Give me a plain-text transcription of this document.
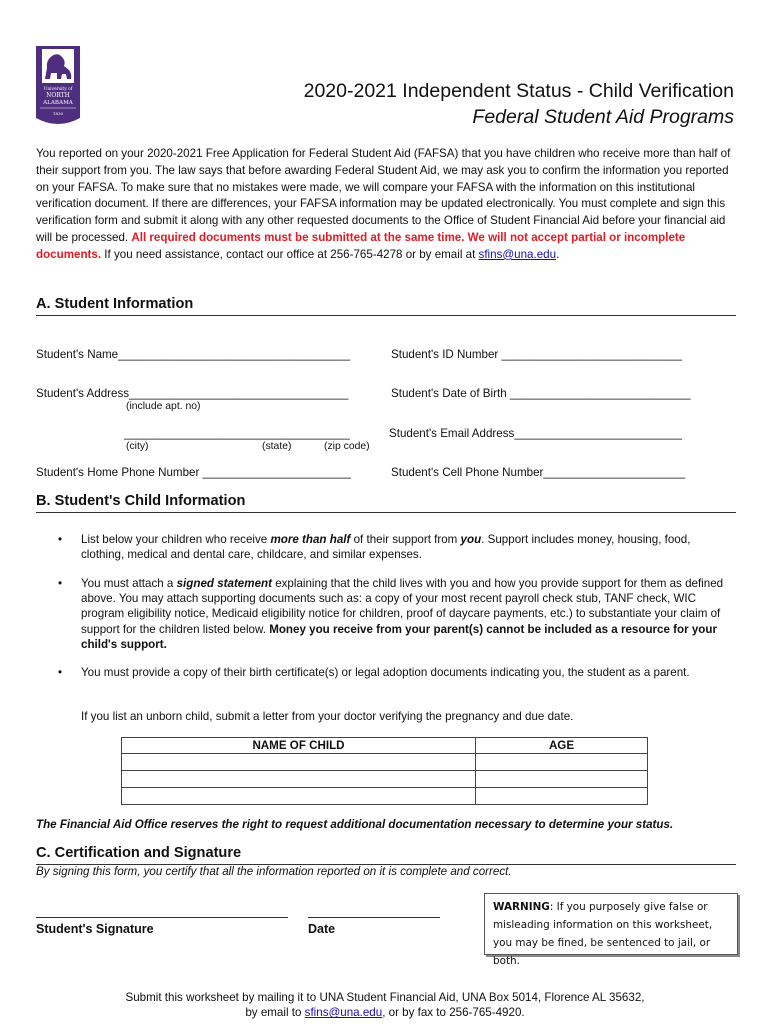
University of
NORTH
ALABAMA
1830
2020-2021 Independent Status - Child Verification
Federal Student Aid Programs
You reported on your 2020-2021 Free Application for Federal Student Aid (FAFSA) that you have children who receive more than half of their support from you. The law says that before awarding Federal Student Aid, we may ask you to confirm the information you reported on your FAFSA. To make sure that no mistakes were made, we will compare your FAFSA with the information on this institutional verification document. If there are differences, your FAFSA information may be updated electronically. You must complete and sign this verification form and submit it along with any other requested documents to the Office of Student Financial Aid before your financial aid will be processed. All required documents must be submitted at the same time. We will not accept partial or incomplete documents. If you need assistance, contact our office at 256-765-4278 or by email at sfins@una.edu.
A. Student Information
Student's Name____________________________________	Student's ID Number ____________________________
Student's Address__________________________________
(include apt. no)
Student's Date of Birth ____________________________
___________________________________
(city)	(state)	(zip code)
Student's Email Address__________________________
Student's Home Phone Number _______________________	Student's Cell Phone Number______________________
B. Student's Child Information
•	List below your children who receive more than half of their support from you. Support includes money, housing, food, clothing, medical and dental care, childcare, and similar expenses.
•	You must attach a signed statement explaining that the child lives with you and how you provide support for them as defined above. You may attach supporting documents such as: a copy of your most recent payroll check stub, TANF check, WIC program eligibility notice, Medicaid eligibility notice for children, proof of daycare payments, etc.) to substantiate your claim of support for the children listed below. Money you receive from your parent(s) cannot be included as a resource for your child's support.
•	You must provide a copy of their birth certificate(s) or legal adoption documents indicating you, the student as a parent.
If you list an unborn child, submit a letter from your doctor verifying the pregnancy and due date.
NAME OF CHILD	AGE

The Financial Aid Office reserves the right to request additional documentation necessary to determine your status.
C. Certification and Signature
By signing this form, you certify that all the information reported on it is complete and correct.
Student's Signature	Date
WARNING: If you purposely give false or misleading information on this worksheet, you may be fined, be sentenced to jail, or both.
Submit this worksheet by mailing it to UNA Student Financial Aid, UNA Box 5014, Florence AL 35632,
by email to sfins@una.edu, or by fax to 256-765-4920.
